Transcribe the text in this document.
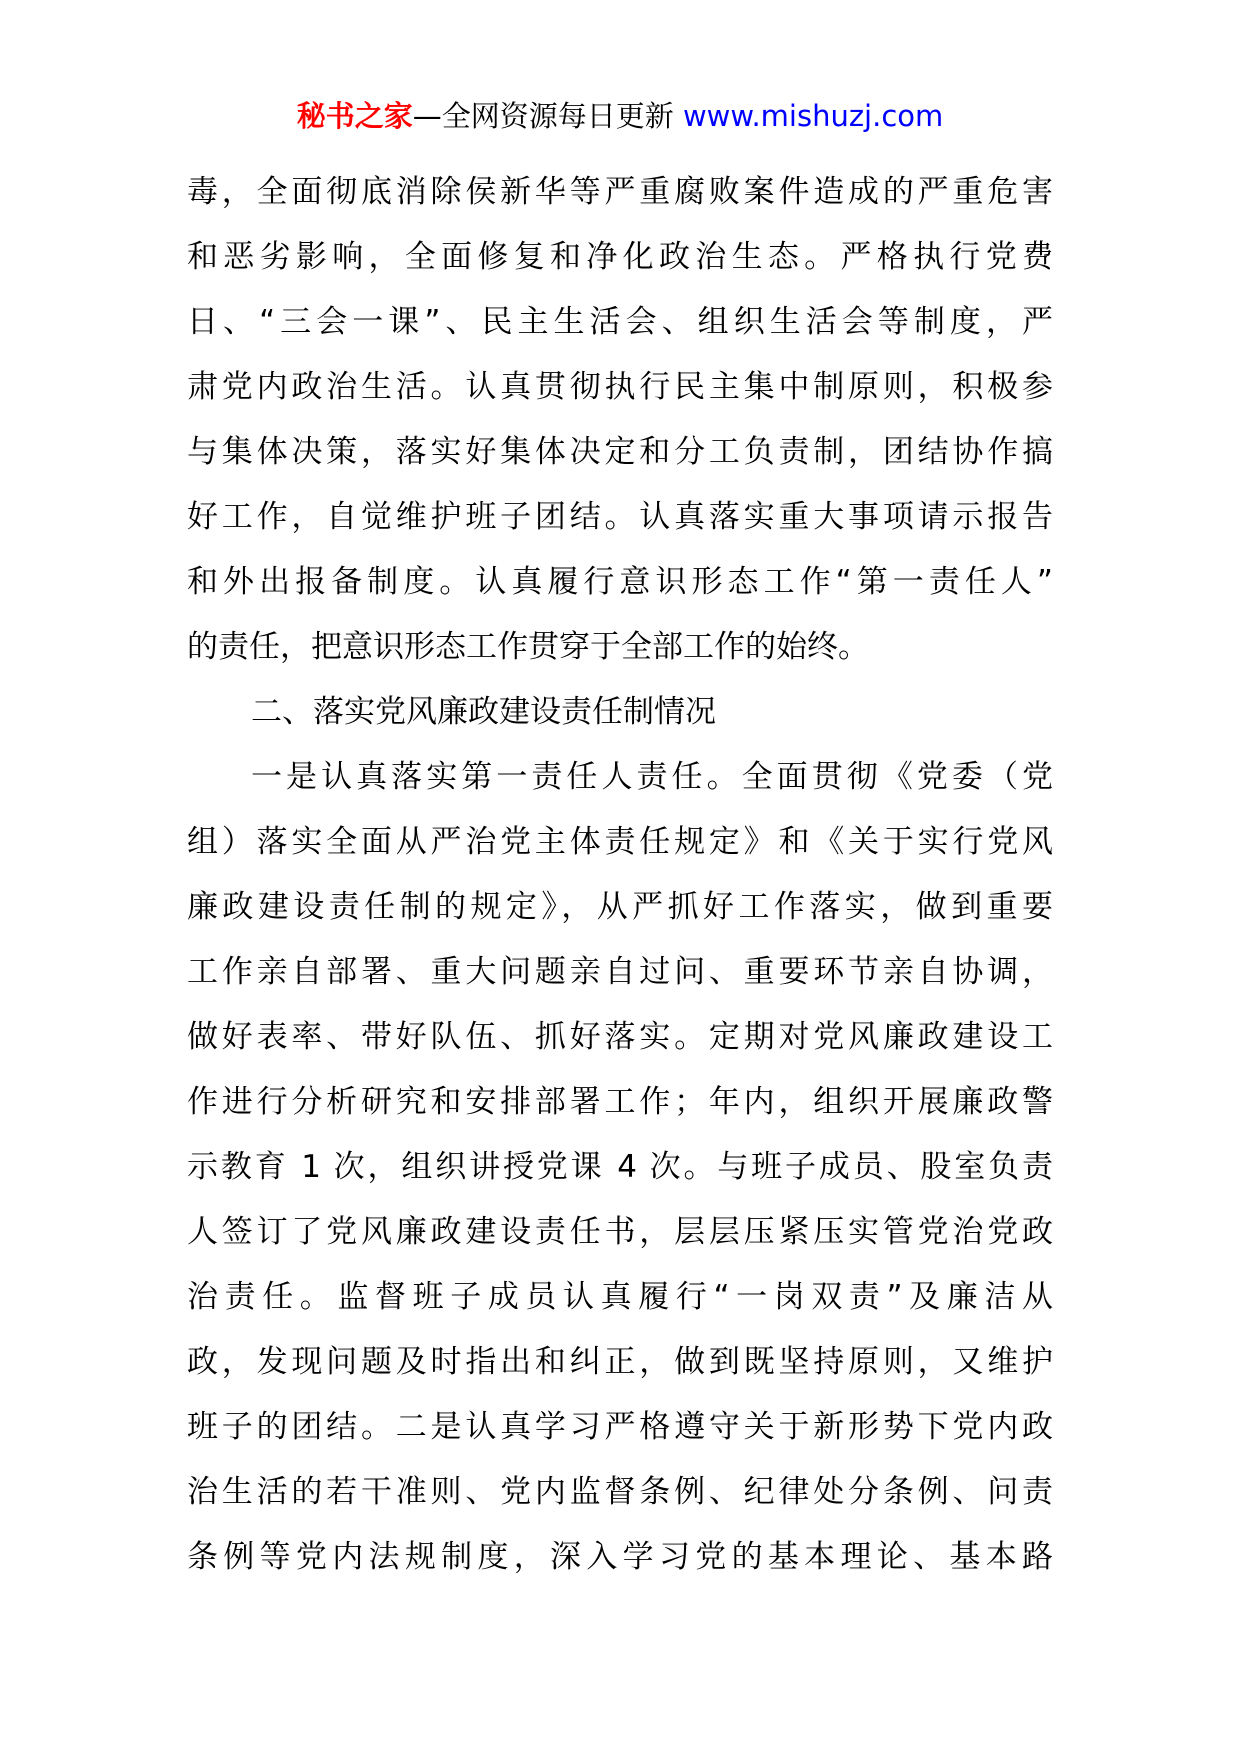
秘书之家—全网资源每日更新 www.mishuzj.com
毒，全面彻底消除侯新华等严重腐败案件造成的严重危害
和恶劣影响，全面修复和净化政治生态。严格执行党费
日、“三会一课”、民主生活会、组织生活会等制度，严
肃党内政治生活。认真贯彻执行民主集中制原则，积极参
与集体决策，落实好集体决定和分工负责制，团结协作搞
好工作，自觉维护班子团结。认真落实重大事项请示报告
和外出报备制度。认真履行意识形态工作“第一责任人”
的责任，把意识形态工作贯穿于全部工作的始终。
二、落实党风廉政建设责任制情况
一是认真落实第一责任人责任。全面贯彻《党委（党
组）落实全面从严治党主体责任规定》和《关于实行党风
廉政建设责任制的规定》，从严抓好工作落实，做到重要
工作亲自部署、重大问题亲自过问、重要环节亲自协调，
做好表率、带好队伍、抓好落实。定期对党风廉政建设工
作进行分析研究和安排部署工作；年内，组织开展廉政警
示教育 1 次，组织讲授党课 4 次。与班子成员、股室负责
人签订了党风廉政建设责任书，层层压紧压实管党治党政
治责任。监督班子成员认真履行“一岗双责”及廉洁从
政，发现问题及时指出和纠正，做到既坚持原则，又维护
班子的团结。二是认真学习严格遵守关于新形势下党内政
治生活的若干准则、党内监督条例、纪律处分条例、问责
条例等党内法规制度，深入学习党的基本理论、基本路
